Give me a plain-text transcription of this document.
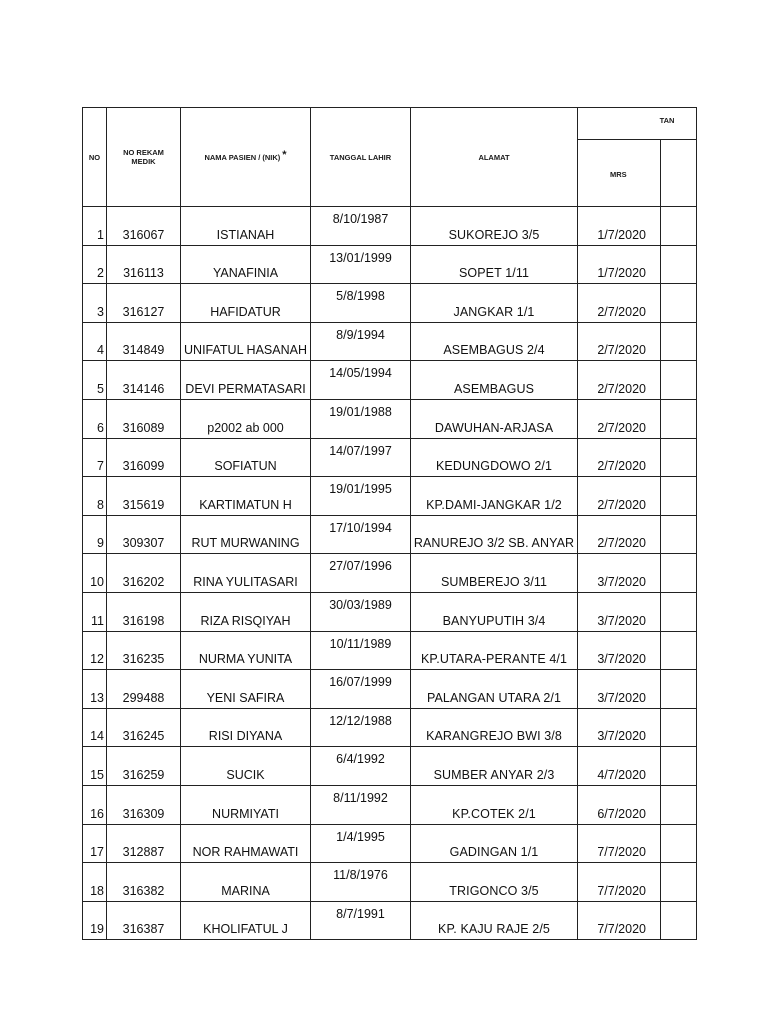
NO	NO REKAM MEDIK	NAMA PASIEN / (NIK) *	TANGGAL LAHIR	ALAMAT	TAN	
					MRS	
1	316067	ISTIANAH	8/10/1987	SUKOREJO 3/5	1/7/2020	
2	316113	YANAFINIA	13/01/1999	SOPET 1/11	1/7/2020	
3	316127	HAFIDATUR	5/8/1998	JANGKAR 1/1	2/7/2020	
4	314849	UNIFATUL HASANAH	8/9/1994	ASEMBAGUS 2/4	2/7/2020	
5	314146	DEVI PERMATASARI	14/05/1994	ASEMBAGUS	2/7/2020	
6	316089	p2002 ab 000	19/01/1988	DAWUHAN-ARJASA	2/7/2020	
7	316099	SOFIATUN	14/07/1997	KEDUNGDOWO 2/1	2/7/2020	
8	315619	KARTIMATUN H	19/01/1995	KP.DAMI-JANGKAR 1/2	2/7/2020	
9	309307	RUT MURWANING	17/10/1994	RANUREJO 3/2 SB. ANYAR	2/7/2020	
10	316202	RINA YULITASARI	27/07/1996	SUMBEREJO 3/11	3/7/2020	
11	316198	RIZA RISQIYAH	30/03/1989	BANYUPUTIH 3/4	3/7/2020	
12	316235	NURMA YUNITA	10/11/1989	KP.UTARA-PERANTE 4/1	3/7/2020	
13	299488	YENI SAFIRA	16/07/1999	PALANGAN UTARA 2/1	3/7/2020	
14	316245	RISI DIYANA	12/12/1988	KARANGREJO BWI 3/8	3/7/2020	
15	316259	SUCIK	6/4/1992	SUMBER ANYAR 2/3	4/7/2020	
16	316309	NURMIYATI	8/11/1992	KP.COTEK 2/1	6/7/2020	
17	312887	NOR RAHMAWATI	1/4/1995	GADINGAN 1/1	7/7/2020	
18	316382	MARINA	11/8/1976	TRIGONCO 3/5	7/7/2020	
19	316387	KHOLIFATUL J	8/7/1991	KP. KAJU RAJE 2/5	7/7/2020	
